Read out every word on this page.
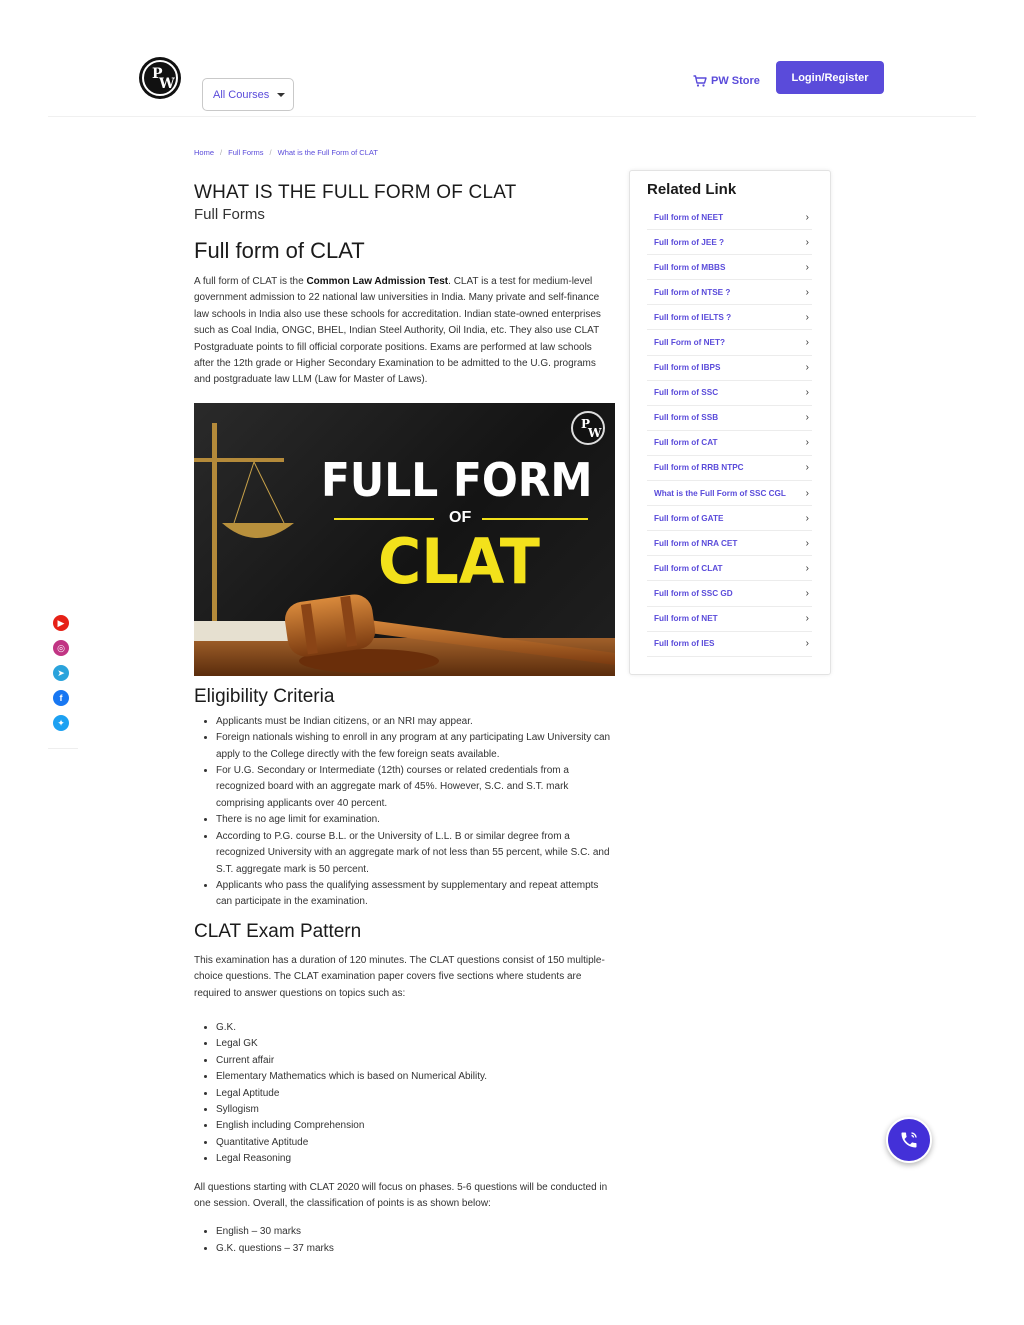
P
W
All Courses
PW Store	Login/Register
Home / Full Forms / What is the Full Form of CLAT
WHAT IS THE FULL FORM OF CLAT
Full Forms
Full form of CLAT

A full form of CLAT is the Common Law Admission Test. CLAT is a test for medium-level government admission to 22 national law universities in India. Many private and self-finance law schools in India also use these schools for accreditation. Indian state-owned enterprises such as Coal India, ONGC, BHEL, Indian Steel Authority, Oil India, etc. They also use CLAT Postgraduate points to fill official corporate positions. Exams are performed at law schools after the 12th grade or Higher Secondary Examination to be admitted to the U.G. programs and postgraduate law LLM (Law for Master of Laws).

FULL FORM
OF
CLAT
P
W
Eligibility Criteria
• Applicants must be Indian citizens, or an NRI may appear.
• Foreign nationals wishing to enroll in any program at any participating Law University can apply to the College directly with the few foreign seats available.
• For U.G. Secondary or Intermediate (12th) courses or related credentials from a recognized board with an aggregate mark of 45%. However, S.C. and S.T. mark comprising applicants over 40 percent.
• There is no age limit for examination.
• According to P.G. course B.L. or the University of L.L. B or similar degree from a recognized University with an aggregate mark of not less than 55 percent, while S.C. and S.T. aggregate mark is 50 percent.
• Applicants who pass the qualifying assessment by supplementary and repeat attempts can participate in the examination.
CLAT Exam Pattern

This examination has a duration of 120 minutes. The CLAT questions consist of 150 multiple-choice questions. The CLAT examination paper covers five sections where students are required to answer questions on topics such as:

• G.K.
• Legal GK
• Current affair
• Elementary Mathematics which is based on Numerical Ability.
• Legal Aptitude
• Syllogism
• English including Comprehension
• Quantitative Aptitude
• Legal Reasoning

All questions starting with CLAT 2020 will focus on phases. 5-6 questions will be conducted in one session. Overall, the classification of points is as shown below:

• English – 30 marks
• G.K. questions – 37 marks
Related Link
Full form of NEET	›
Full form of JEE ?	›
Full form of MBBS	›
Full form of NTSE ?	›
Full form of IELTS ?	›
Full Form of NET?	›
Full form of IBPS	›
Full form of SSC	›
Full form of SSB	›
Full form of CAT	›
Full form of RRB NTPC	›
What is the Full Form of SSC CGL ›
Full form of GATE	›
Full form of NRA CET	›
Full form of CLAT	›
Full form of SSC GD	›
Full form of NET	›
Full form of IES	›
▶
◎
➤
f
✦
